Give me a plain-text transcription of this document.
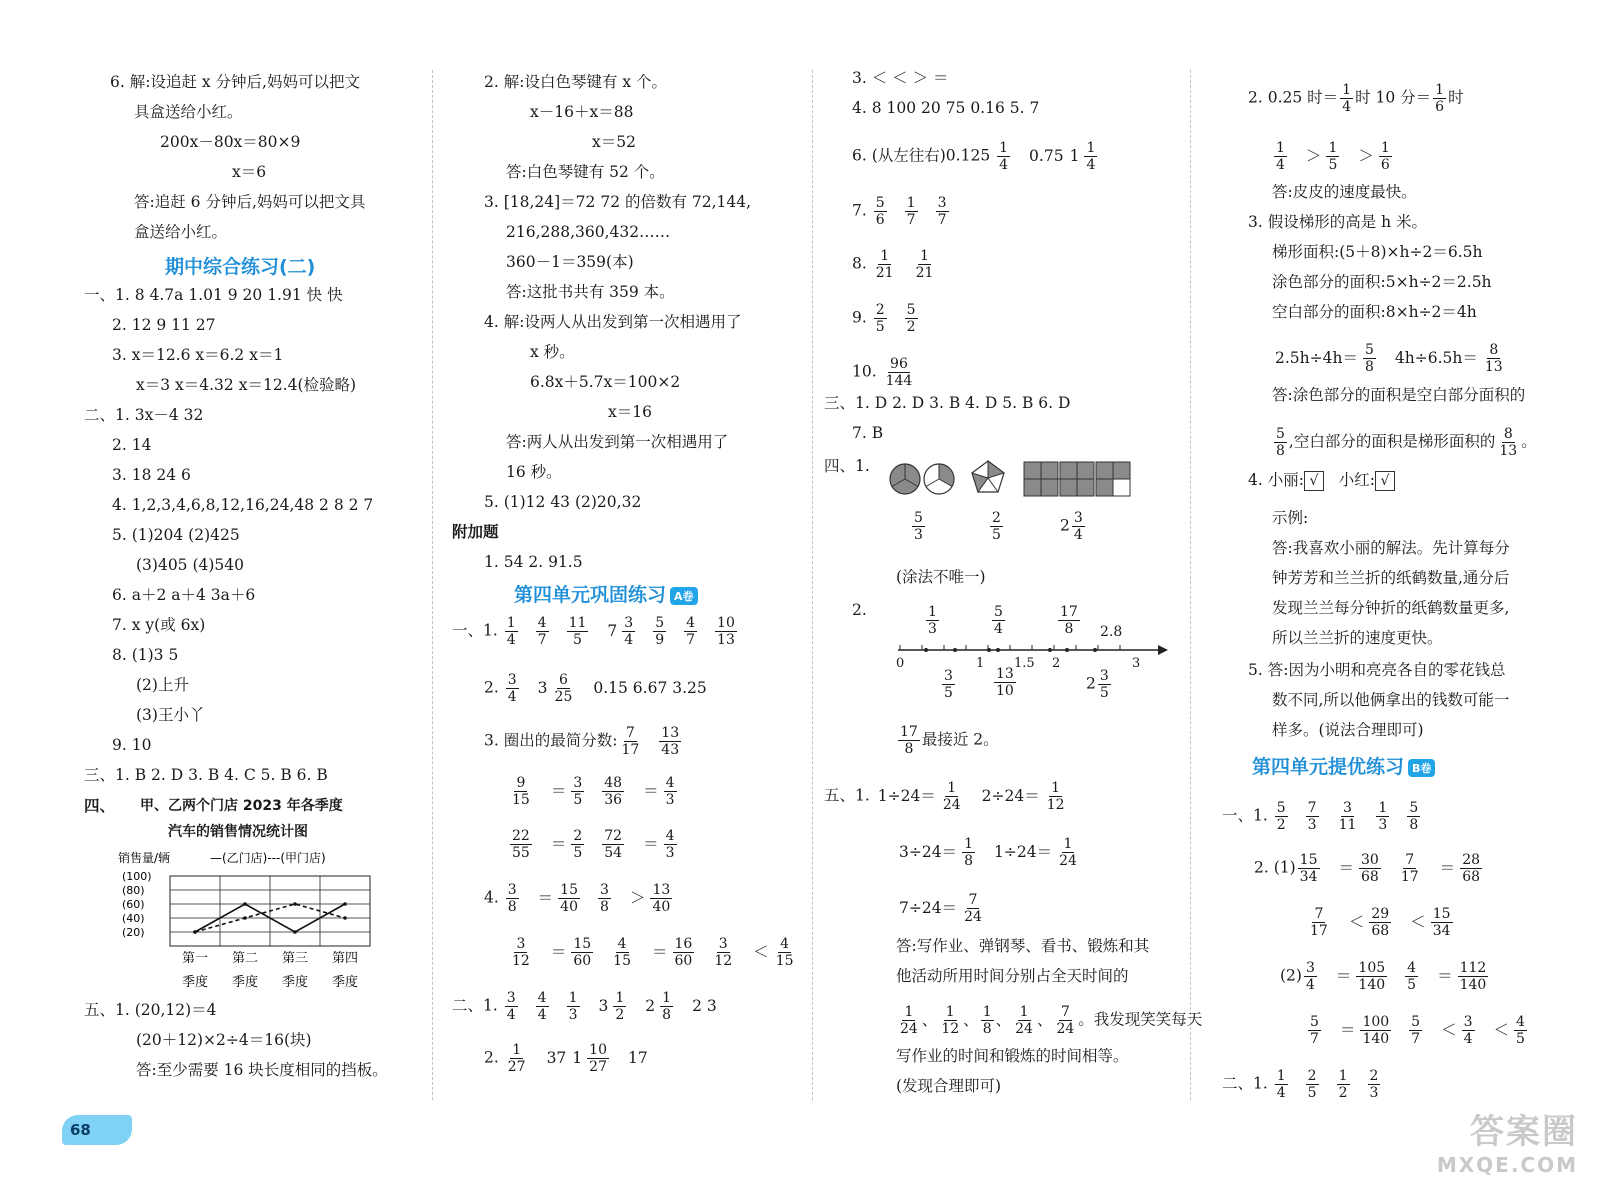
6. 解:设追赶 x 分钟后,妈妈可以把文
具盒送给小红。
200x－80x＝80×9
x＝6
答:追赶 6 分钟后,妈妈可以把文具
盒送给小红。
期中综合练习(二)
一、1. 8 4.7a 1.01 9 20 1.91 快 快
2. 12 9 11 27
3. x＝12.6 x＝6.2 x＝1
x＝3 x＝4.32 x＝12.4(检验略)
二、1. 3x－4 32
2. 14
3. 18 24 6
4. 1,2,3,4,6,8,12,16,24,48 2 8 2 7
5. (1)204 (2)425
(3)405 (4)540
6. a＋2 a＋4 3a＋6
7. x y(或 6x)
8. (1)3 5
(2)上升
(3)王小丫
9. 10
三、1. B 2. D 3. B 4. C 5. B 6. B
四、 甲、乙两个门店 2023 年各季度
汽车的销售情况统计图
销售量/辆	—(乙门店)---(甲门店)
(100)
(80)
(60)
(40)
(20)
第一
季度
第二
季度
第三
季度
第四
季度
五、1. (20,12)＝4
(20＋12)×2÷4＝16(块)
答:至少需要 16 块长度相同的挡板。
2. 解:设白色琴键有 x 个。
x－16＋x＝88
x＝52
答:白色琴键有 52 个。
3. [18,24]＝72 72 的倍数有 72,144,
216,288,360,432……
360－1＝359(本)
答:这批书共有 359 本。
4. 解:设两人从出发到第一次相遇用了
x 秒。
6.8x＋5.7x＝100×2
x＝16
答:两人从出发到第一次相遇用了
16 秒。
5. (1)12 43 (2)20,32
附加题
1. 54 2. 91.5
第四单元巩固练习 A卷
一、1. $\frac{1}{4} \frac{4}{7} \frac{11}{5} 7 \frac{3}{4} \frac{5}{9} \frac{4}{7} \frac{10}{13}$
2. $\frac{3}{4} 3 \frac{6}{25} 0.15$ 6.67 3.25
3. 圈出的最简分数: $\frac{7}{17} \frac{13}{43}$
$\frac{9}{15} = \frac{3}{5} \frac{48}{36} = \frac{4}{3}$
$\frac{22}{55} = \frac{2}{5} \frac{72}{54} = \frac{4}{3}$
4. $\frac{3}{8} = \frac{15}{40} \frac{3}{8} > \frac{13}{40}$
$\frac{3}{12} = \frac{15}{60} \frac{4}{15} = \frac{16}{60} \frac{3}{12} < \frac{4}{15}$
二、1. $\frac{3}{4} \frac{4}{4} \frac{1}{3} 3 \frac{1}{2} 2 \frac{1}{8} 2$ 3
2. $\frac{1}{27} 37$ $1 \frac{10}{27} 17$
3. ＜ ＜ ＞ ＝
4. 8 100 20 75 0.16 5. 7
6. (从左往右)$0.125 \frac{1}{4} 0.75$ $1 \frac{1}{4}$
7. $\frac{5}{6} \frac{1}{7} \frac{3}{7}$
8. $\frac{1}{21} \frac{1}{21}$
9. $\frac{2}{5} \frac{5}{2}$
10. $\frac{96}{144}$
三、1. D 2. D 3. B 4. D 5. B 6. D
7. B
四、1.
$\frac{5}{3}$	$\frac{2}{5}$	$2 \frac{3}{4}$
(涂法不唯一)
2.	$\frac{1}{3}$	$\frac{5}{4}$	$\frac{17}{8} 2.8$
0	1 1.5 2	3
$\frac{3}{5}$	$\frac{13}{10}$	$2 \frac{3}{5}$
$\frac{17}{8}$ 最接近 2。
五、1. $1\div 24= \frac{1}{24} 2\div 24= \frac{1}{12}$
$3\div 24= \frac{1}{8} 1\div 24= \frac{1}{24}$
$7\div 24= \frac{7}{24}$
答:写作业、弹钢琴、看书、锻炼和其
他活动所用时间分别占全天时间的
$\frac{1}{24}$ 、 $\frac{1}{12}$ 、 $\frac{1}{8}$ 、 $\frac{1}{24}$ 、 $\frac{7}{24}$ 。我发现笑笑每天
写作业的时间和锻炼的时间相等。
(发现合理即可)
2. 0.25 时＝ $\frac{1}{4}$ 时 10 分＝ $\frac{1}{6}$ 时
$\frac{1}{4} > \frac{1}{5} > \frac{1}{6}$
答:皮皮的速度最快。
3. 假设梯形的高是 h 米。
梯形面积:(5＋8)×h÷2＝6.5h
涂色部分的面积:5×h÷2＝2.5h
空白部分的面积:8×h÷2＝4h
$2.5h\div 4h= \frac{5}{8} 4h\div 6.5h= \frac{8}{13}$
答:涂色部分的面积是空白部分面积的
$\frac{5}{8}$ ,空白部分的面积是梯形面积的 $\frac{8}{13}$ 。
4. 小丽: √ 小红: √
示例:
答:我喜欢小丽的解法。先计算每分
钟芳芳和兰兰折的纸鹤数量,通分后
发现兰兰每分钟折的纸鹤数量更多,
所以兰兰折的速度更快。
5. 答:因为小明和亮亮各自的零花钱总
数不同,所以他俩拿出的钱数可能一
样多。(说法合理即可)
第四单元提优练习 B卷
一、1. $\frac{5}{2} \frac{7}{3} \frac{3}{11} \frac{1}{3} \frac{5}{8}$
2. $(1) \frac{15}{34} = \frac{30}{68} \frac{7}{17} = \frac{28}{68}$
$\frac{7}{17} < \frac{29}{68} < \frac{15}{34}$
$(2) \frac{3}{4} = \frac{105}{140} \frac{4}{5} = \frac{112}{140}$
$\frac{5}{7} = \frac{100}{140} \frac{5}{7} < \frac{3}{4} < \frac{4}{5}$
二、1. $\frac{1}{4} \frac{2}{5} \frac{1}{2} \frac{2}{3}$
68	答案圈
MXQE.COM
